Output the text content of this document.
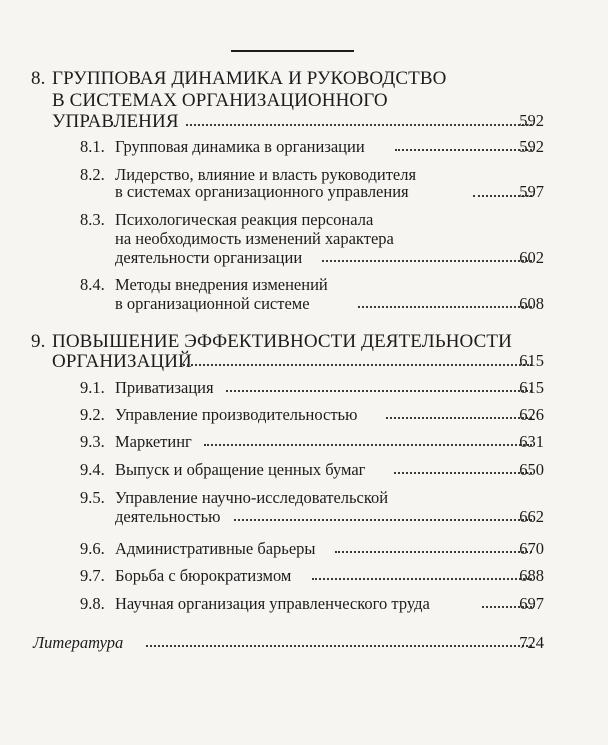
8. ГРУППОВАЯ ДИНАМИКА И РУКОВОДСТВО
В СИСТЕМАХ ОРГАНИЗАЦИОННОГО
УПРАВЛЕНИЯ	592
8.1. Групповая динамика в организации	592
8.2. Лидерство, влияние и власть руководителя
в системах организационного управления	597
8.3. Психологическая реакция персонала
на необходимость изменений характера
деятельности организации	602
8.4. Методы внедрения изменений
в организационной системе	608
9. ПОВЫШЕНИЕ ЭФФЕКТИВНОСТИ ДЕЯТЕЛЬНОСТИ
ОРГАНИЗАЦИЙ	615
9.1. Приватизация	615
9.2. Управление производительностью	626
9.3. Маркетинг	631
9.4. Выпуск и обращение ценных бумаг	650
9.5. Управление научно-исследовательской
деятельностью	662
9.6. Административные барьеры	670
9.7. Борьба с бюрократизмом	688
9.8. Научная организация управленческого труда	697
Литература	724
